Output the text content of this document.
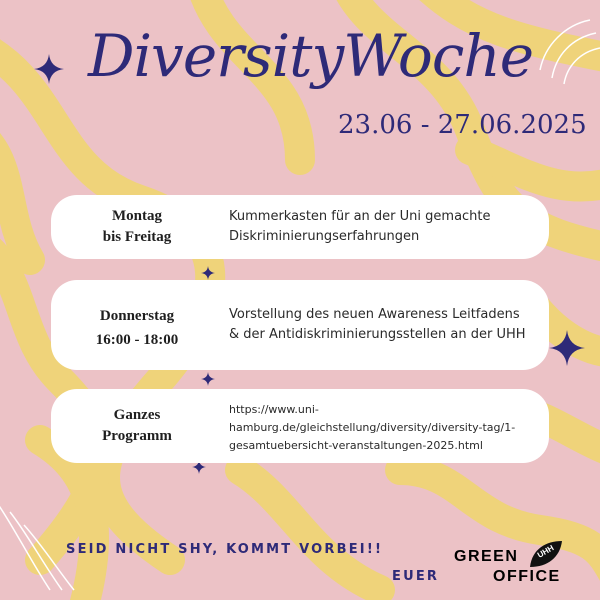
DiversityWoche
23.06 - 27.06.2025
Montag
bis Freitag
Kummerkasten für an der Uni gemachte
Diskriminierungserfahrungen
Donnerstag
16:00 - 18:00
Vorstellung des neuen Awareness Leitfadens
& der Antidiskriminierungsstellen an der UHH
Ganzes
Programm
https://www.uni-
hamburg.de/gleichstellung/diversity/diversity-tag/1-
gesamtuebersicht-veranstaltungen-2025.html
SEID NICHT SHY, KOMMT VORBEI!!
EUER
GREEN
OFFICE
UHH
